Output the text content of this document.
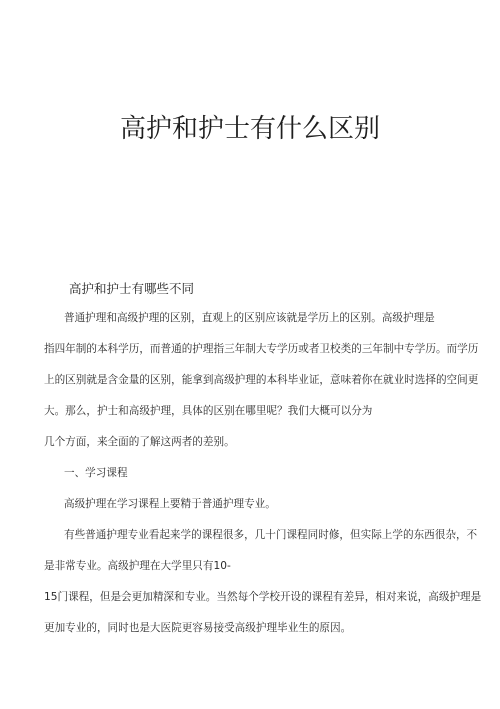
高护和护士有什么区别
高护和护士有哪些不同
普通护理和高级护理的区别，直观上的区别应该就是学历上的区别。高级护理是
指四年制的本科学历，而普通的护理指三年制大专学历或者卫校类的三年制中专学历。而学历
上的区别就是含金量的区别，能拿到高级护理的本科毕业证，意味着你在就业时选择的空间更
大。那么，护士和高级护理，具体的区别在哪里呢？我们大概可以分为
几个方面，来全面的了解这两者的差别。
一、学习课程
高级护理在学习课程上要精于普通护理专业。
有些普通护理专业看起来学的课程很多，几十门课程同时修，但实际上学的东西很杂，不
是非常专业。高级护理在大学里只有10-
15门课程，但是会更加精深和专业。当然每个学校开设的课程有差异，相对来说，高级护理是
更加专业的，同时也是大医院更容易接受高级护理毕业生的原因。
